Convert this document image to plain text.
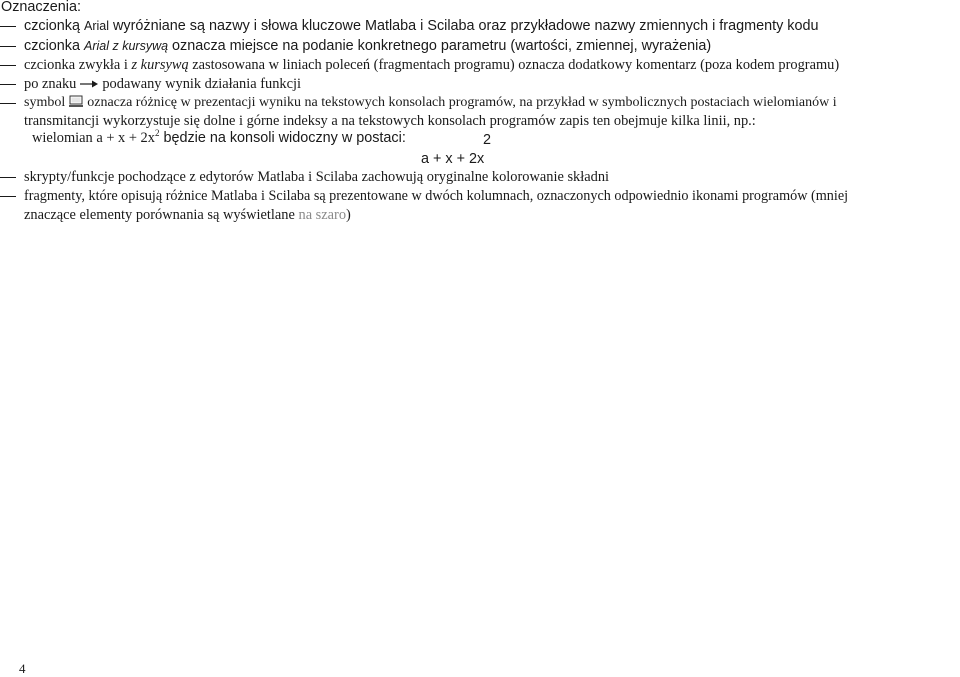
Oznaczenia:
czcionką Arial wyróżniane są nazwy i słowa kluczowe Matlaba i Scilaba oraz przykładowe nazwy zmiennych i fragmenty kodu
czcionka Arial z kursywą oznacza miejsce na podanie konkretnego parametru (wartości, zmiennej, wyrażenia)
czcionka zwykła i z kursywą zastosowana w liniach poleceń (fragmentach programu) oznacza dodatkowy komentarz (poza kodem programu)
po znaku podawany wynik działania funkcji
symbol oznacza różnicę w prezentacji wyniku na tekstowych konsolach programów, na przykład w symbolicznych postaciach wielomianów i
transmitancji wykorzystuje się dolne i górne indeksy a na tekstowych konsolach programów zapis ten obejmuje kilka linii, np.:
wielomian $a + x + 2x^2$ będzie na konsoli widoczny w postaci:	2
a + x + 2x
skrypty/funkcje pochodzące z edytorów Matlaba i Scilaba zachowują oryginalne kolorowanie składni
fragmenty, które opisują różnice Matlaba i Scilaba są prezentowane w dwóch kolumnach, oznaczonych odpowiednio ikonami programów (mniej
znaczące elementy porównania są wyświetlane na szaro)
4
